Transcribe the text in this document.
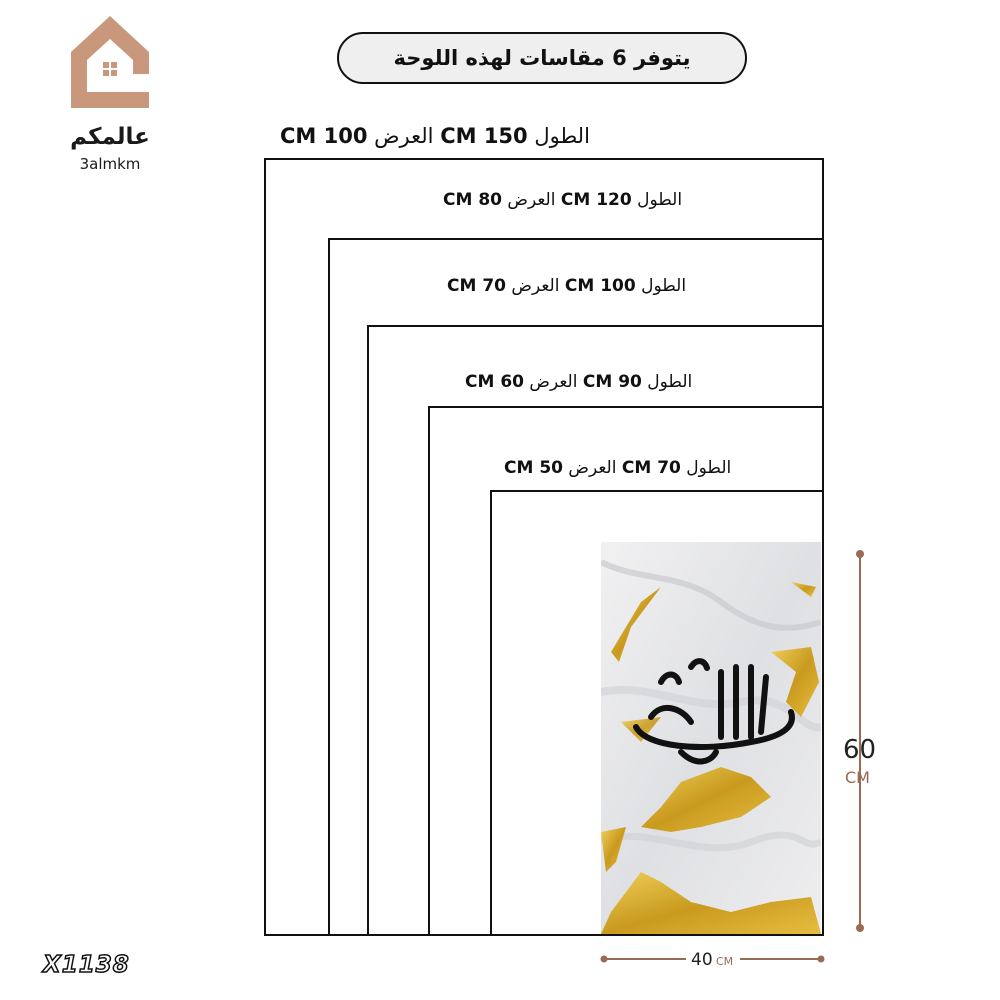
عالمكم
3almkm
يتوفر 6 مقاسات لهذه اللوحة
الطول 150 CM العرض 100 CM
الطول 120 CM العرض 80 CM
الطول 100 CM العرض 70 CM
الطول 90 CM العرض 60 CM
الطول 70 CM العرض 50 CM
60
CM
40 CM
X1138
